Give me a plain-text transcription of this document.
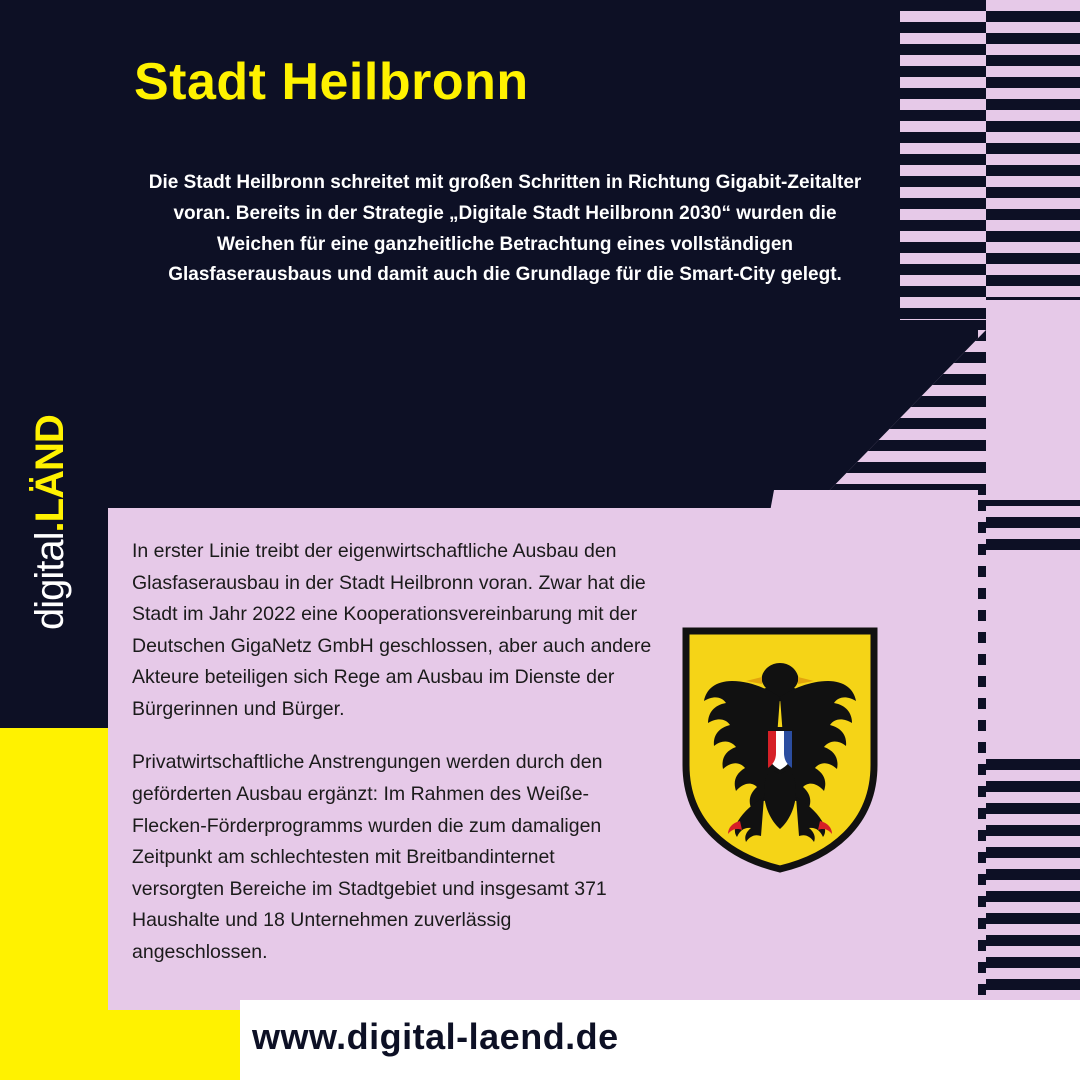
digital.LÄND
Stadt Heilbronn
Die Stadt Heilbronn schreitet mit großen Schritten in Richtung Gigabit-Zeitalter voran. Bereits in der Strategie „Digitale Stadt Heilbronn 2030“ wurden die Weichen für eine ganzheitliche Betrachtung eines vollständigen Glasfaserausbaus und damit auch die Grundlage für die Smart-City gelegt.

In erster Linie treibt der eigenwirtschaftliche Ausbau den Glasfaserausbau in der Stadt Heilbronn voran. Zwar hat die Stadt im Jahr 2022 eine Kooperationsvereinbarung mit der Deutschen GigaNetz GmbH geschlossen, aber auch andere Akteure beteiligen sich Rege am Ausbau im Dienste der Bürgerinnen und Bürger.

Privatwirtschaftliche Anstrengungen werden durch den geförderten Ausbau ergänzt: Im Rahmen des Weiße-Flecken-Förderprogramms wurden die zum damaligen Zeitpunkt am schlechtesten mit Breitbandinternet versorgten Bereiche im Stadtgebiet und insgesamt 371 Haushalte und 18 Unternehmen zuverlässig angeschlossen.

www.digital-laend.de
